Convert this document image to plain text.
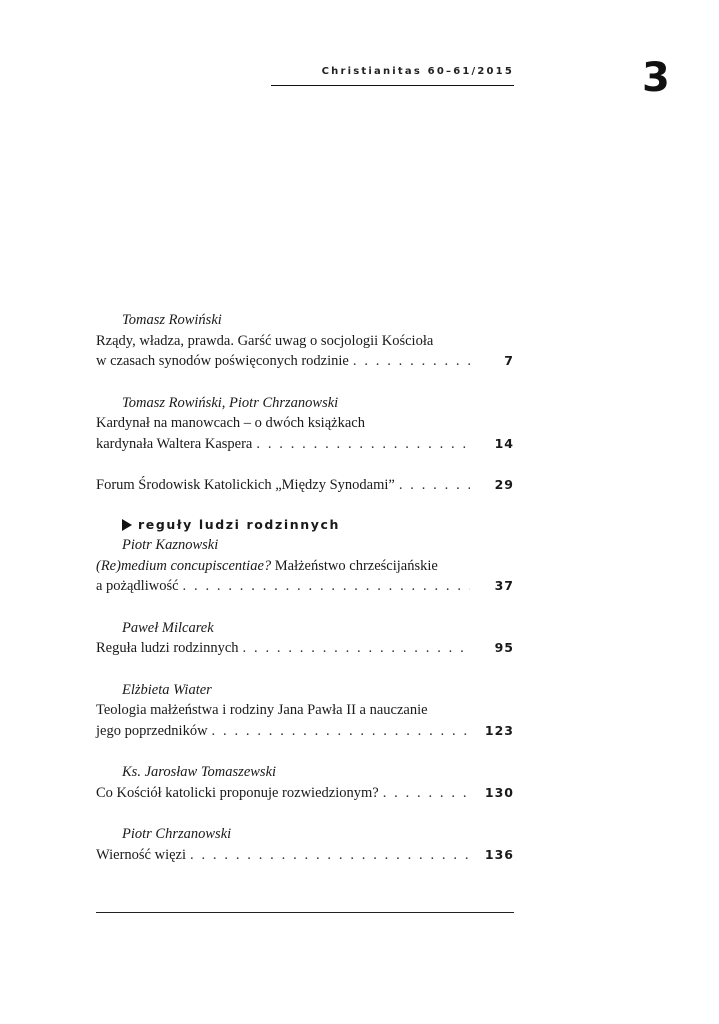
Christianitas 60–61/2015	3
Tomasz Rowiński
Rządy, władza, prawda. Garść uwag o socjologii Kościoła
w czasach synodów poświęconych rodzinie . . .	7
Tomasz Rowiński, Piotr Chrzanowski
Kardynał na manowcach – o dwóch książkach
kardynała Waltera Kaspera . . .	14
Forum Środowisk Katolickich „Między Synodami” . . .	29
reguły ludzi rodzinnych
Piotr Kaznowski
(Re)medium concupiscentiae? Małżeństwo chrześcijańskie
a pożądliwość . . .	37
Paweł Milcarek
Reguła ludzi rodzinnych . . .	95
Elżbieta Wiater
Teologia małżeństwa i rodziny Jana Pawła II a nauczanie
jego poprzedników . . .	123
Ks. Jarosław Tomaszewski
Co Kościół katolicki proponuje rozwiedzionym? . . .	130
Piotr Chrzanowski
Wierność więzi . . .	136
